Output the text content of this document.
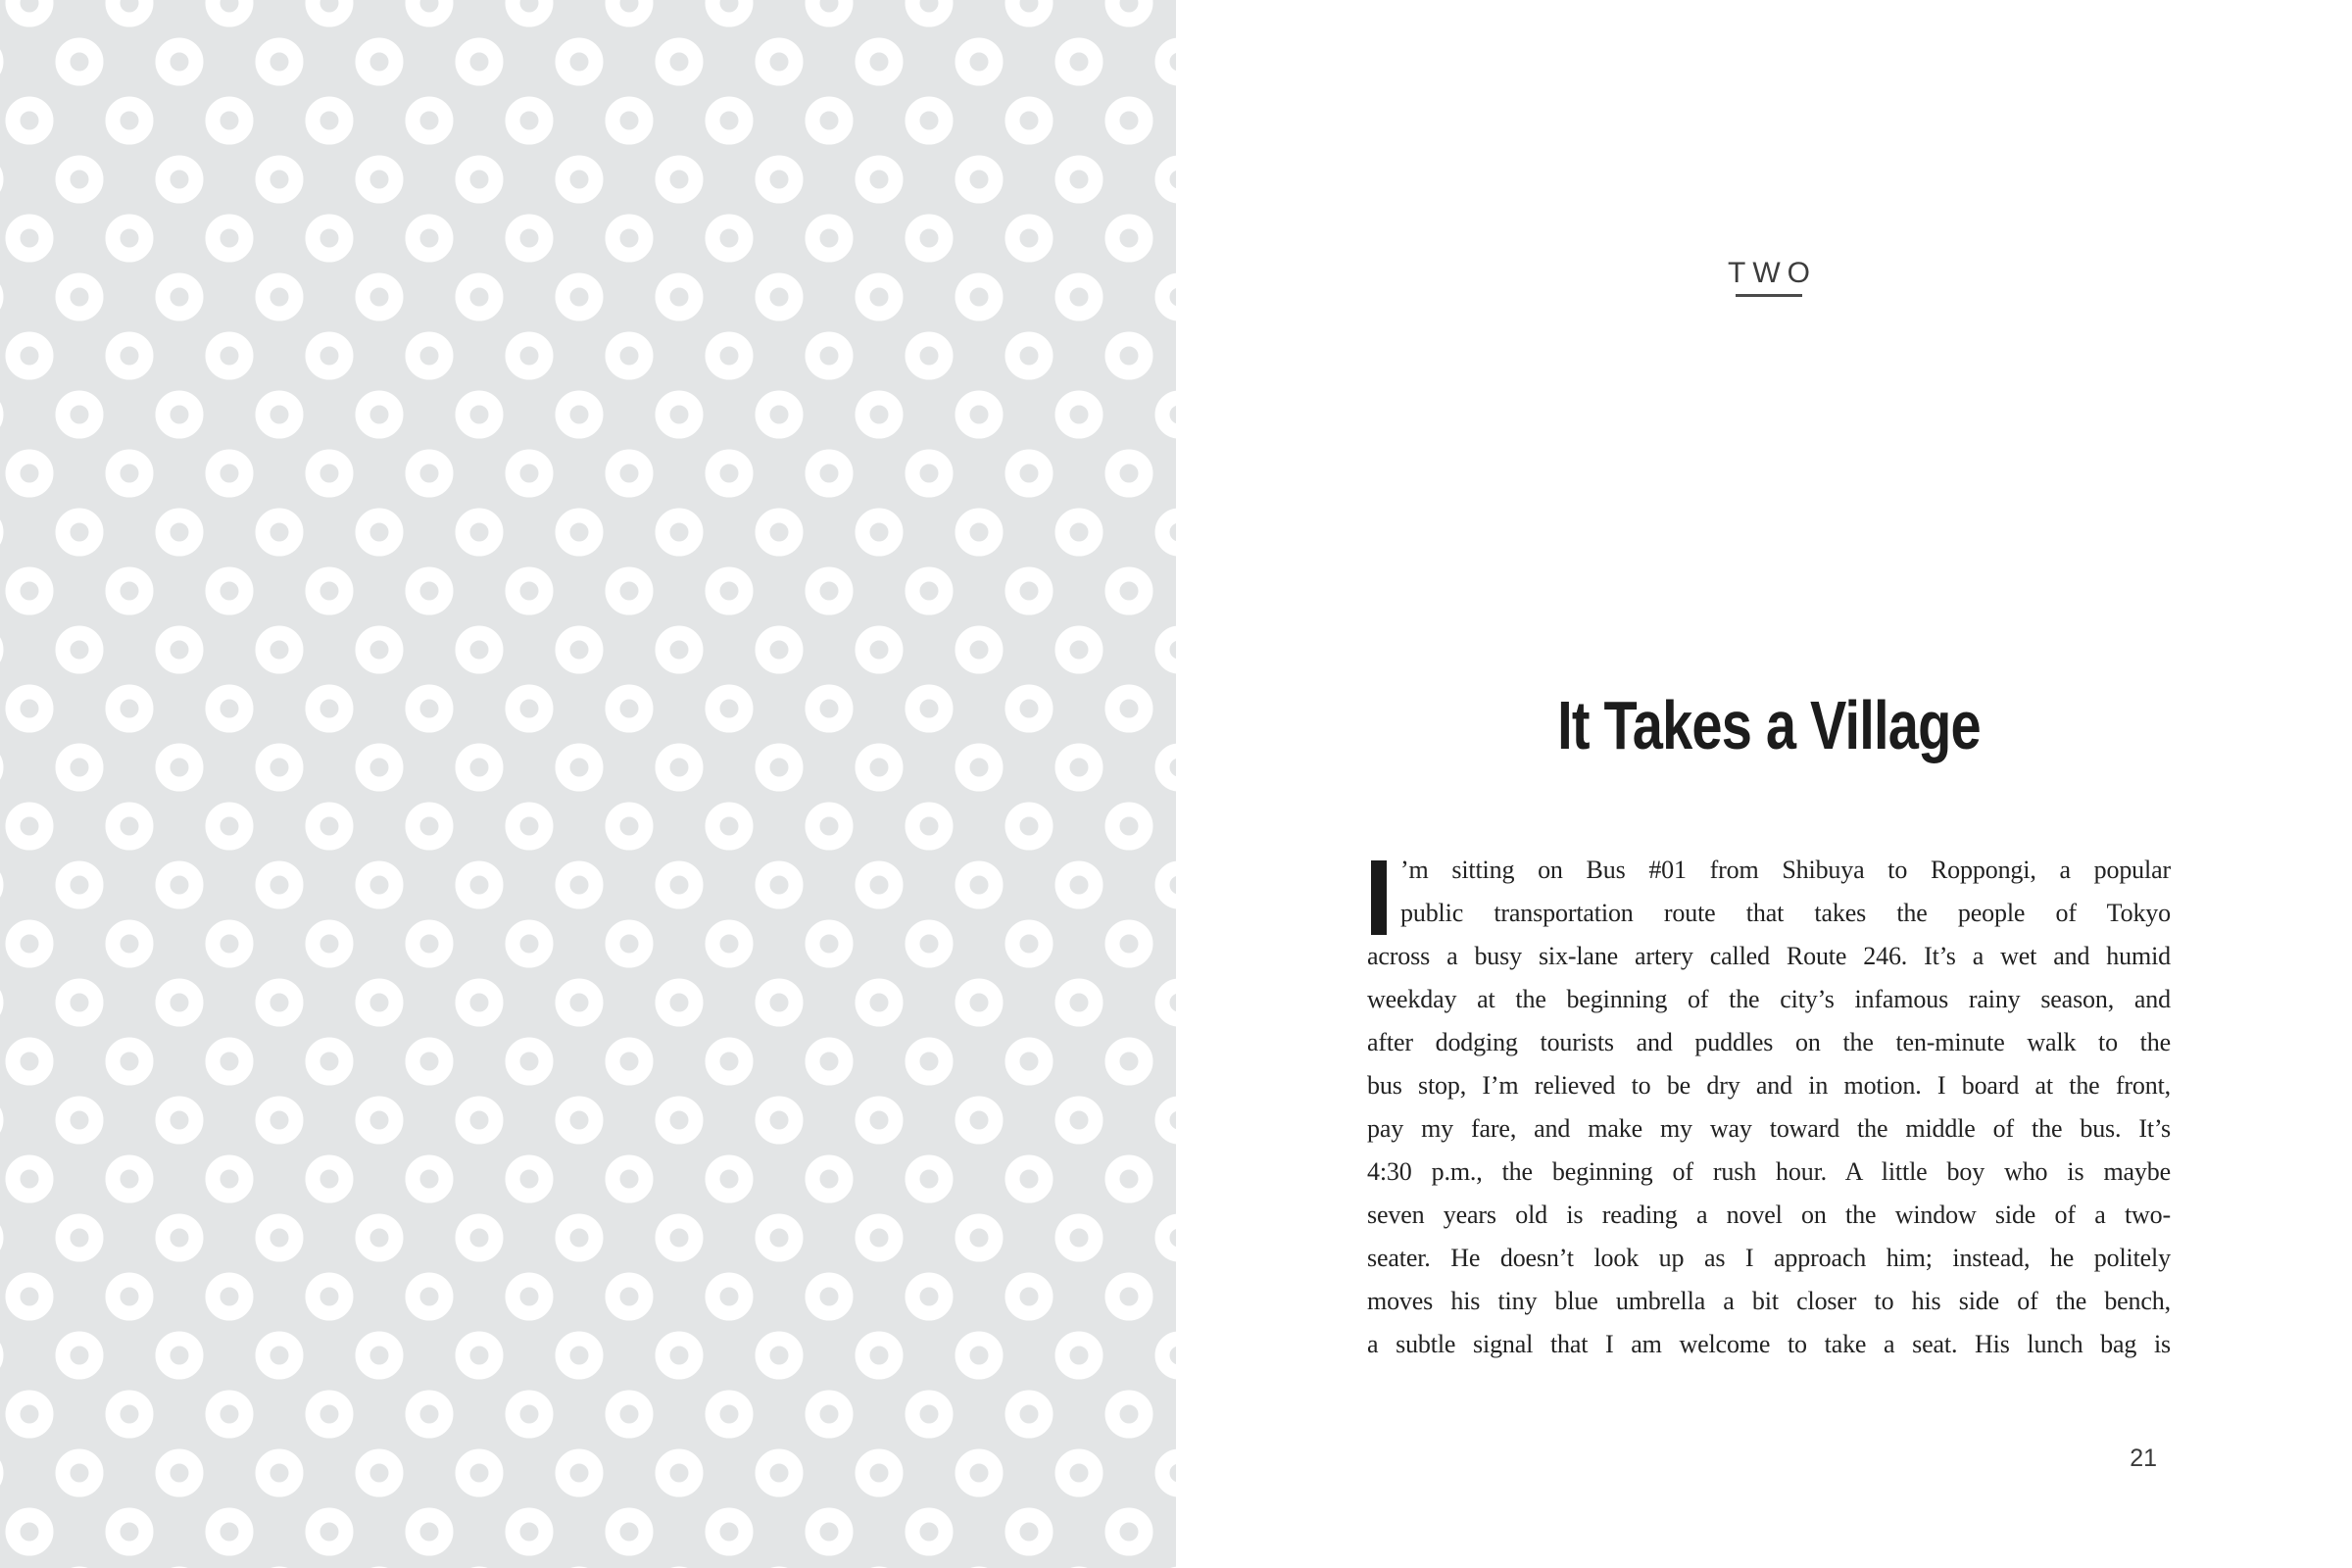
TWO
It Takes a Village
’m sitting on Bus #01 from Shibuya to Roppongi, a popular
public transportation route that takes the people of Tokyo
across a busy six-lane artery called Route 246. It’s a wet and humid
weekday at the beginning of the city’s infamous rainy season, and
after dodging tourists and puddles on the ten-minute walk to the
bus stop, I’m relieved to be dry and in motion. I board at the front,
pay my fare, and make my way toward the middle of the bus. It’s
4:30 p.m., the beginning of rush hour. A little boy who is maybe
seven years old is reading a novel on the window side of a two-
seater. He doesn’t look up as I approach him; instead, he politely
moves his tiny blue umbrella a bit closer to his side of the bench,
a subtle signal that I am welcome to take a seat. His lunch bag is
21
